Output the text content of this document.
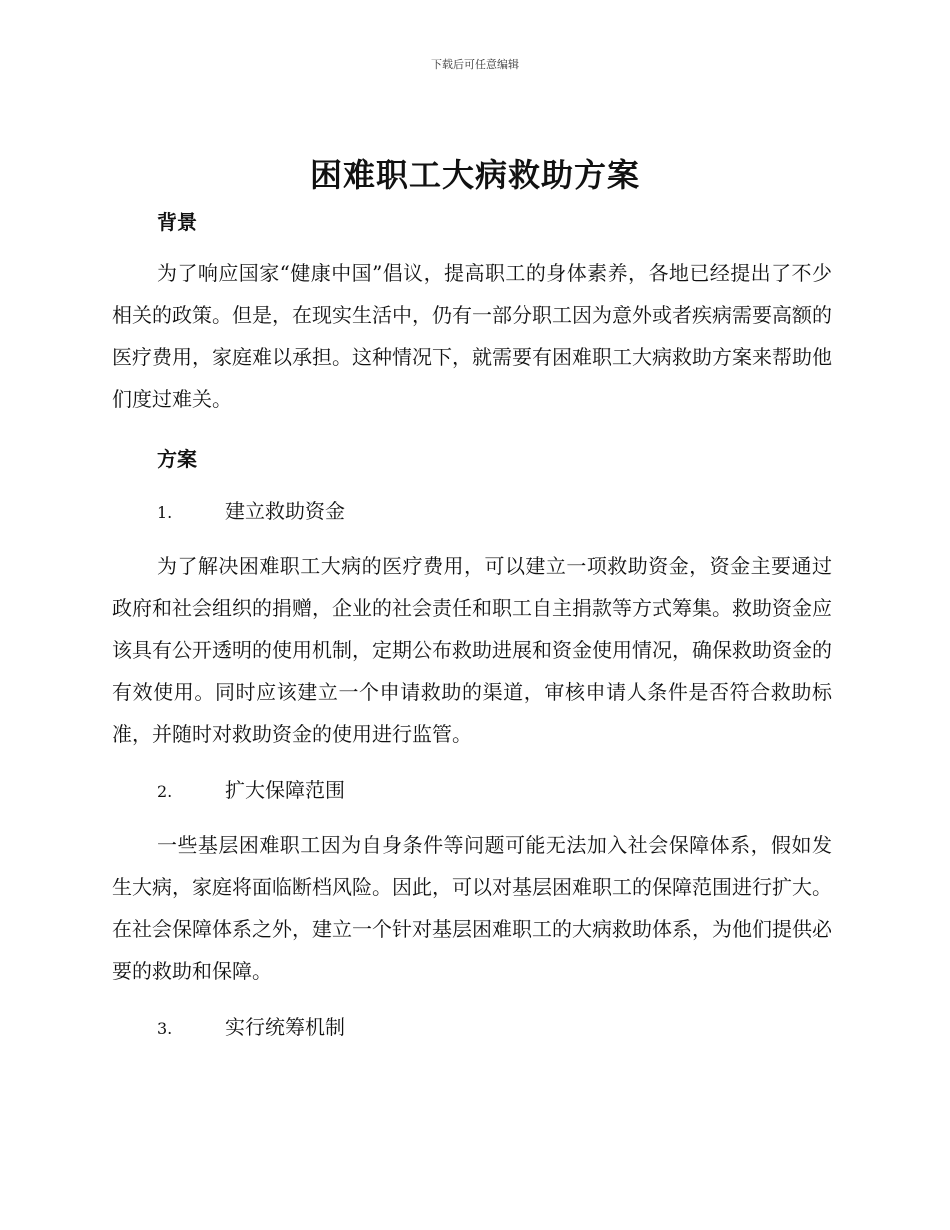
下载后可任意编辑
困难职工大病救助方案
背景

为了响应国家“健康中国”倡议，提高职工的身体素养，各地已经提出了不少相关的政策。但是，在现实生活中，仍有一部分职工因为意外或者疾病需要高额的医疗费用，家庭难以承担。这种情况下，就需要有困难职工大病救助方案来帮助他们度过难关。

方案
1.	建立救助资金

为了解决困难职工大病的医疗费用，可以建立一项救助资金，资金主要通过政府和社会组织的捐赠，企业的社会责任和职工自主捐款等方式筹集。救助资金应该具有公开透明的使用机制，定期公布救助进展和资金使用情况，确保救助资金的有效使用。同时应该建立一个申请救助的渠道，审核申请人条件是否符合救助标准，并随时对救助资金的使用进行监管。

2.	扩大保障范围

一些基层困难职工因为自身条件等问题可能无法加入社会保障体系，假如发生大病，家庭将面临断档风险。因此，可以对基层困难职工的保障范围进行扩大。在社会保障体系之外，建立一个针对基层困难职工的大病救助体系，为他们提供必要的救助和保障。

3.	实行统筹机制
